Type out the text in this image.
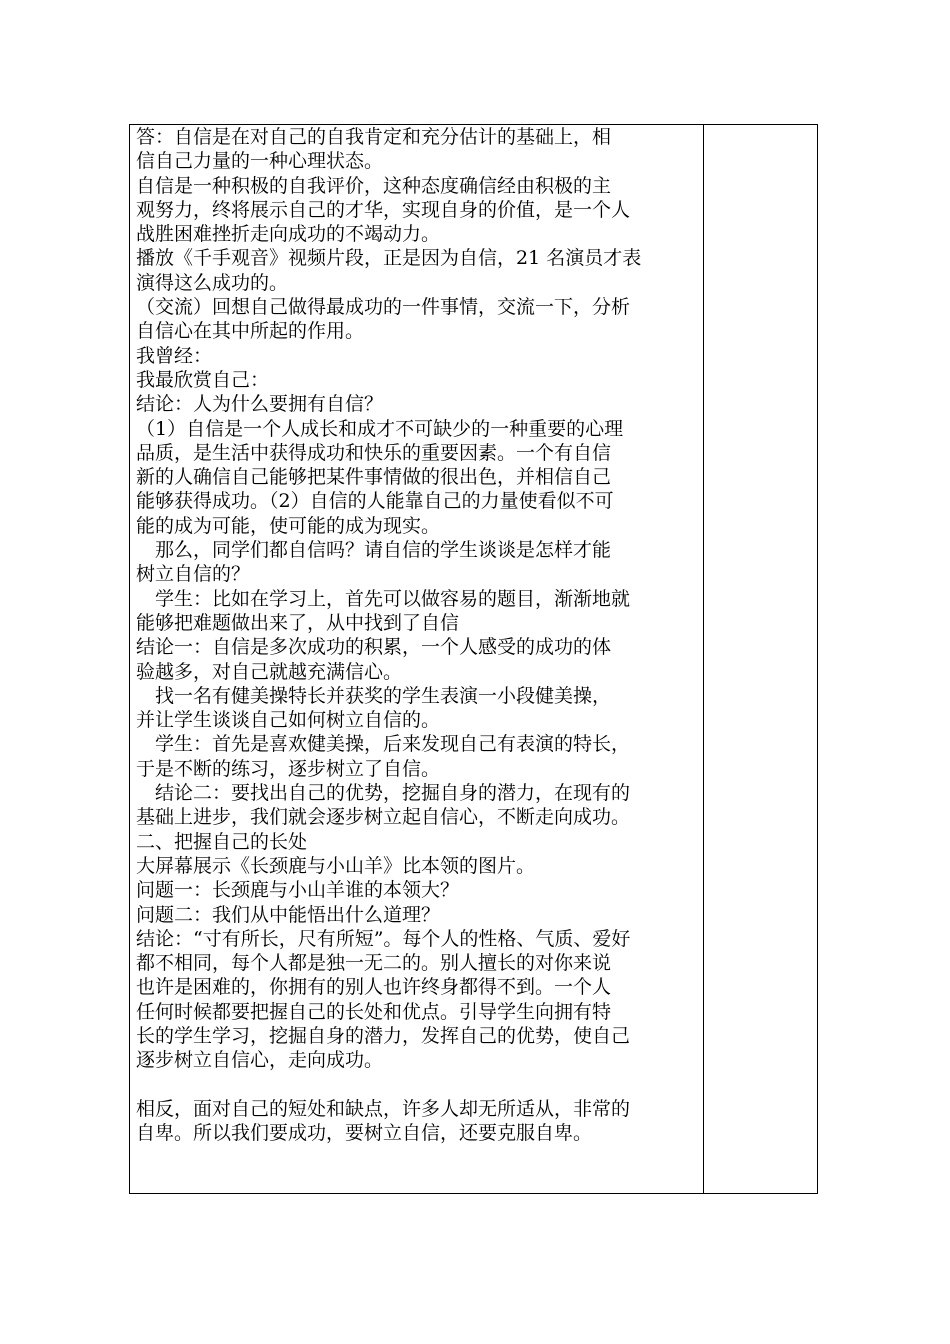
答：自信是在对自己的自我肯定和充分估计的基础上，相
信自己力量的一种心理状态。
自信是一种积极的自我评价，这种态度确信经由积极的主
观努力，终将展示自己的才华，实现自身的价值，是一个人
战胜困难挫折走向成功的不竭动力。
播放《千手观音》视频片段，正是因为自信，21 名演员才表
演得这么成功的。
（交流）回想自己做得最成功的一件事情，交流一下，分析
自信心在其中所起的作用。
我曾经：
我最欣赏自己：
结论：人为什么要拥有自信？
（1）自信是一个人成长和成才不可缺少的一种重要的心理
品质，是生活中获得成功和快乐的重要因素。一个有自信
新的人确信自己能够把某件事情做的很出色，并相信自己
能够获得成功。（2）自信的人能靠自己的力量使看似不可
能的成为可能，使可能的成为现实。
　那么，同学们都自信吗？请自信的学生谈谈是怎样才能
树立自信的？
　学生：比如在学习上，首先可以做容易的题目，渐渐地就
能够把难题做出来了，从中找到了自信
结论一：自信是多次成功的积累，一个人感受的成功的体
验越多，对自己就越充满信心。
　找一名有健美操特长并获奖的学生表演一小段健美操，
并让学生谈谈自己如何树立自信的。
　学生：首先是喜欢健美操，后来发现自己有表演的特长，
于是不断的练习，逐步树立了自信。
　结论二：要找出自己的优势，挖掘自身的潜力，在现有的
基础上进步，我们就会逐步树立起自信心，不断走向成功。
二、把握自己的长处
大屏幕展示《长颈鹿与小山羊》比本领的图片。
问题一：长颈鹿与小山羊谁的本领大？
问题二：我们从中能悟出什么道理？
结论：“寸有所长，尺有所短”。每个人的性格、气质、爱好
都不相同，每个人都是独一无二的。别人擅长的对你来说
也许是困难的，你拥有的别人也许终身都得不到。一个人
任何时候都要把握自己的长处和优点。引导学生向拥有特
长的学生学习，挖掘自身的潜力，发挥自己的优势，使自己
逐步树立自信心，走向成功。
相反，面对自己的短处和缺点，许多人却无所适从，非常的
自卑。所以我们要成功，要树立自信，还要克服自卑。
